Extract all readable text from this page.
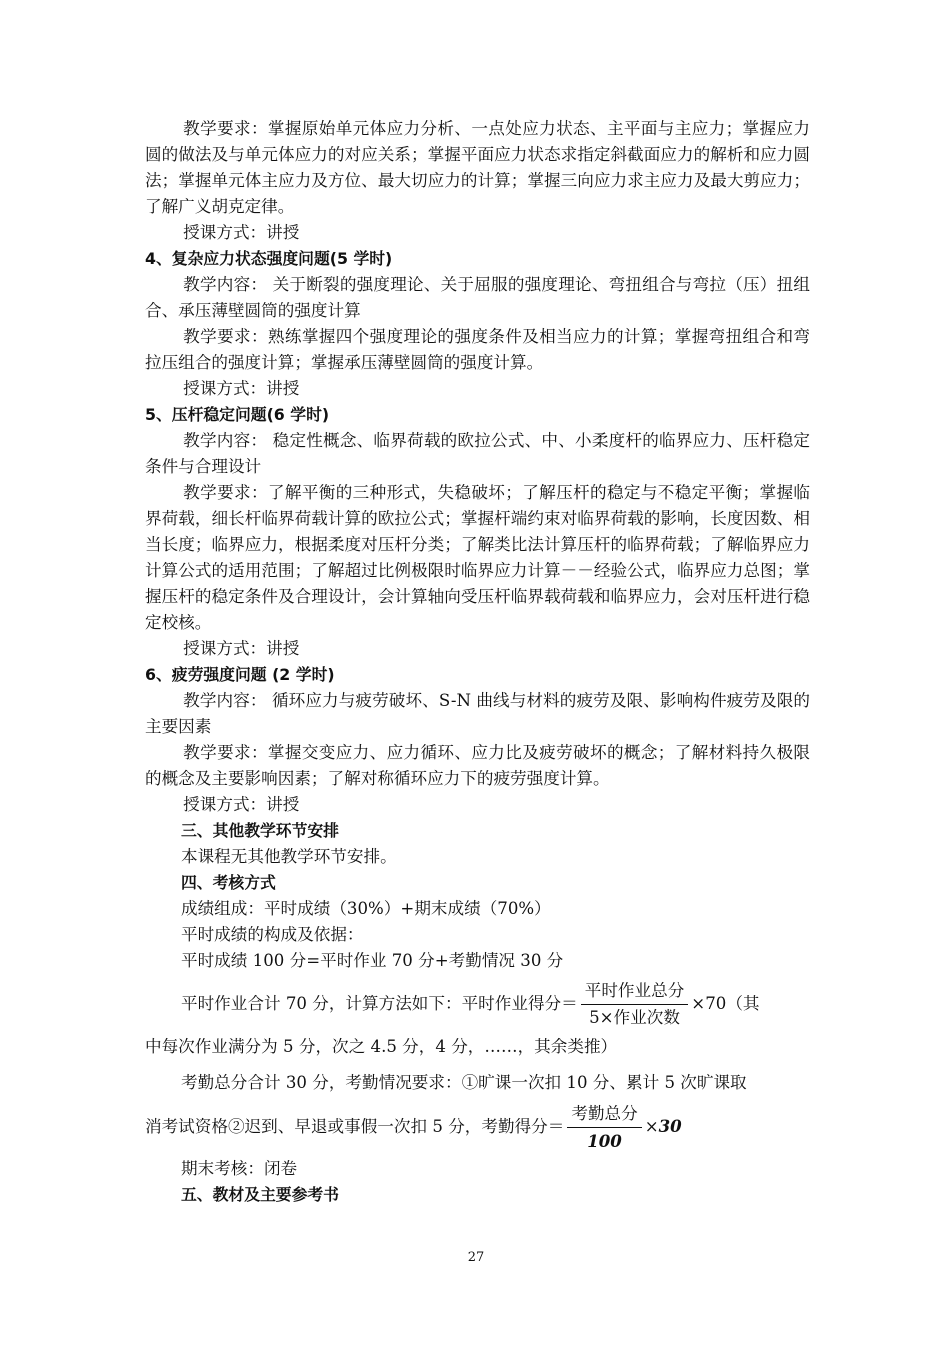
教学要求：掌握原始单元体应力分析、一点处应力状态、主平面与主应力；掌握应力圆的做法及与单元体应力的对应关系；掌握平面应力状态求指定斜截面应力的解析和应力圆法；掌握单元体主应力及方位、最大切应力的计算；掌握三向应力求主应力及最大剪应力；了解广义胡克定律。

授课方式：讲授

4、复杂应力状态强度问题(5 学时)

教学内容： 关于断裂的强度理论、关于屈服的强度理论、弯扭组合与弯拉（压）扭组合、承压薄壁圆筒的强度计算

教学要求：熟练掌握四个强度理论的强度条件及相当应力的计算；掌握弯扭组合和弯拉压组合的强度计算；掌握承压薄壁圆筒的强度计算。

授课方式：讲授

5、压杆稳定问题(6 学时)

教学内容： 稳定性概念、临界荷载的欧拉公式、中、小柔度杆的临界应力、压杆稳定条件与合理设计

教学要求：了解平衡的三种形式，失稳破坏；了解压杆的稳定与不稳定平衡；掌握临界荷载，细长杆临界荷载计算的欧拉公式；掌握杆端约束对临界荷载的影响，长度因数、相当长度；临界应力，根据柔度对压杆分类；了解类比法计算压杆的临界荷载；了解临界应力计算公式的适用范围；了解超过比例极限时临界应力计算－－经验公式，临界应力总图；掌握压杆的稳定条件及合理设计，会计算轴向受压杆临界载荷载和临界应力，会对压杆进行稳定校核。

授课方式：讲授

6、疲劳强度问题 (2 学时)

教学内容： 循环应力与疲劳破坏、S-N 曲线与材料的疲劳及限、影响构件疲劳及限的主要因素

教学要求：掌握交变应力、应力循环、应力比及疲劳破坏的概念；了解材料持久极限的概念及主要影响因素；了解对称循环应力下的疲劳强度计算。

授课方式：讲授

三、其他教学环节安排

本课程无其他教学环节安排。

四、考核方式

成绩组成：平时成绩（30%）+期末成绩（70%）

平时成绩的构成及依据：

平时成绩 100 分=平时作业 70 分+考勤情况 30 分

平时作业合计 70 分，计算方法如下：平时作业得分＝ $\frac{\text{平时作业总分}}{\text{5×作业次数}} \times 70$（其

中每次作业满分为 5 分，次之 4.5 分，4 分，……，其余类推）

考勤总分合计 30 分，考勤情况要求：①旷课一次扣 10 分、累计 5 次旷课取

消考试资格②迟到、早退或事假一次扣 5 分，考勤得分＝ $\frac{\text{考勤总分}}{100} \times 30$

期末考核：闭卷

五、教材及主要参考书

27
